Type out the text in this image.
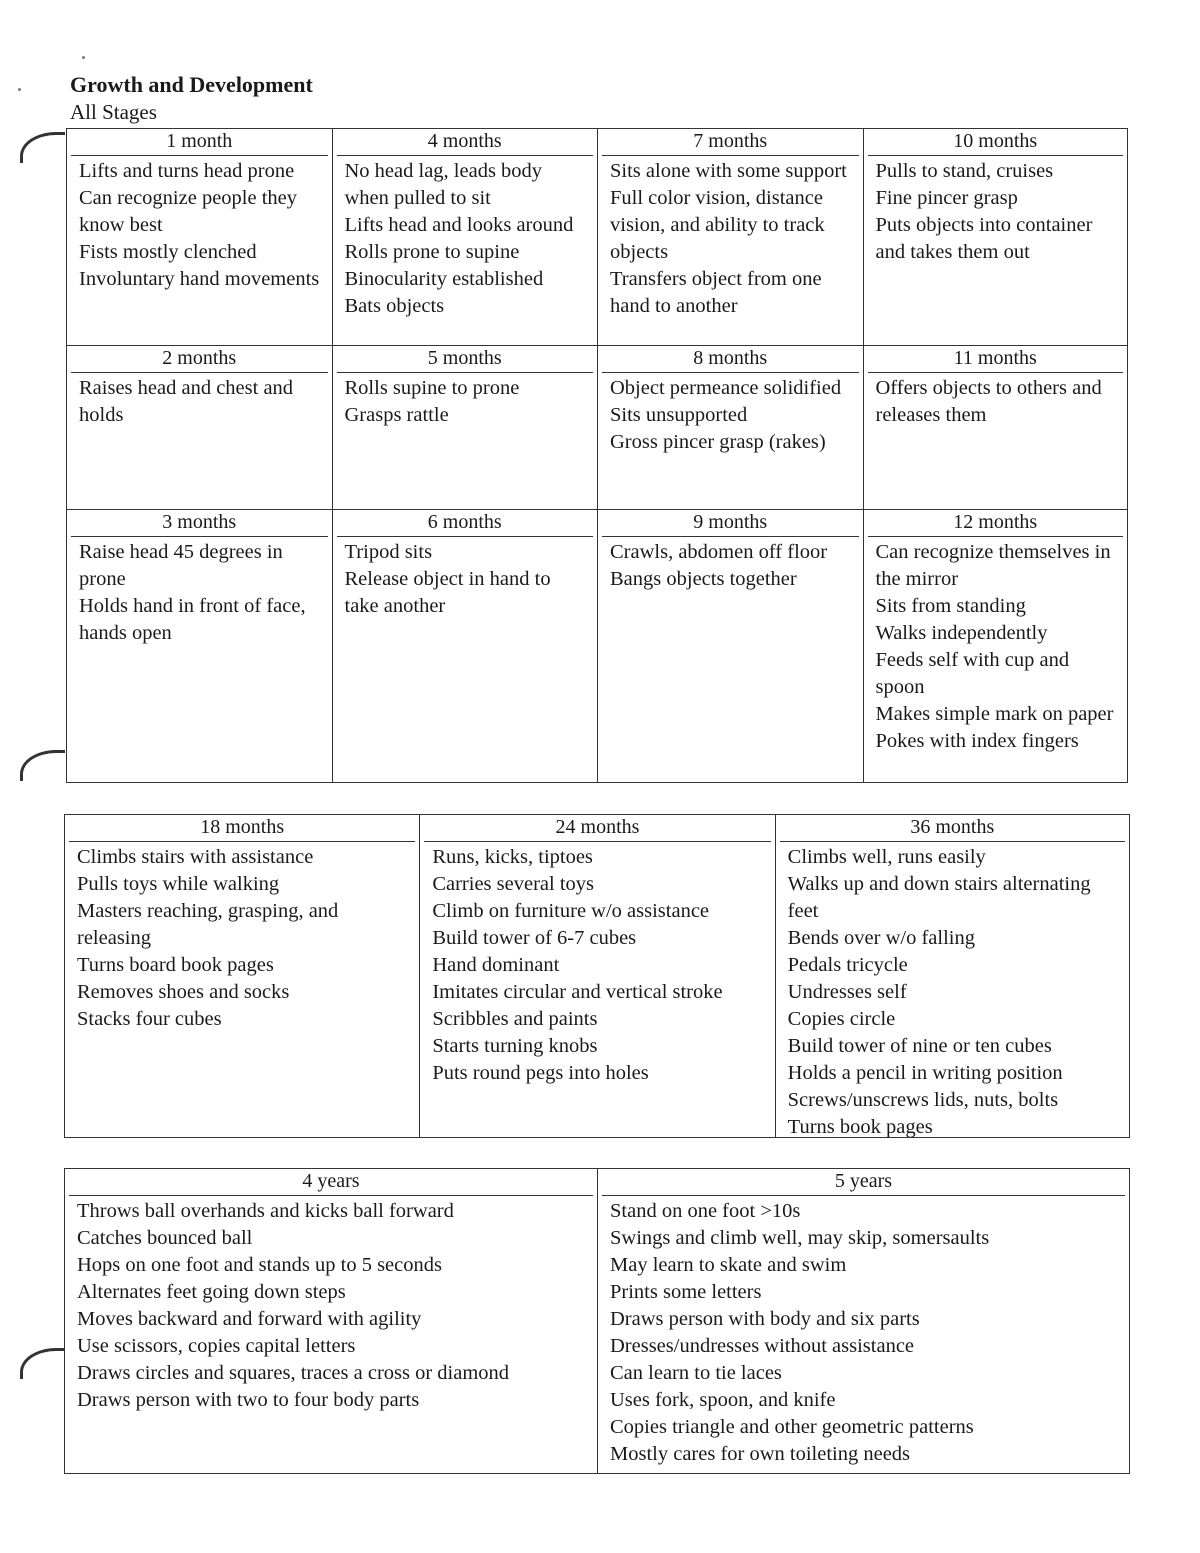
Growth and Development
All Stages
1 month
Lifts and turns head prone
Can recognize people they know best
Fists mostly clenched
Involuntary hand movements
4 months
No head lag, leads body when pulled to sit
Lifts head and looks around
Rolls prone to supine
Binocularity established
Bats objects
7 months
Sits alone with some support
Full color vision, distance vision, and ability to track objects
Transfers object from one hand to another
10 months
Pulls to stand, cruises
Fine pincer grasp
Puts objects into container and takes them out
2 months
Raises head and chest and holds
5 months
Rolls supine to prone
Grasps rattle
8 months
Object permeance solidified
Sits unsupported
Gross pincer grasp (rakes)
11 months
Offers objects to others and releases them
3 months
Raise head 45 degrees in prone
Holds hand in front of face, hands open
6 months
Tripod sits
Release object in hand to take another
9 months
Crawls, abdomen off floor
Bangs objects together
12 months
Can recognize themselves in the mirror
Sits from standing
Walks independently
Feeds self with cup and spoon
Makes simple mark on paper
Pokes with index fingers
18 months
Climbs stairs with assistance
Pulls toys while walking
Masters reaching, grasping, and releasing
Turns board book pages
Removes shoes and socks
Stacks four cubes
24 months
Runs, kicks, tiptoes
Carries several toys
Climb on furniture w/o assistance
Build tower of 6-7 cubes
Hand dominant
Imitates circular and vertical stroke
Scribbles and paints
Starts turning knobs
Puts round pegs into holes
36 months
Climbs well, runs easily
Walks up and down stairs alternating feet
Bends over w/o falling
Pedals tricycle
Undresses self
Copies circle
Build tower of nine or ten cubes
Holds a pencil in writing position
Screws/unscrews lids, nuts, bolts
Turns book pages
4 years
Throws ball overhands and kicks ball forward
Catches bounced ball
Hops on one foot and stands up to 5 seconds
Alternates feet going down steps
Moves backward and forward with agility
Use scissors, copies capital letters
Draws circles and squares, traces a cross or diamond
Draws person with two to four body parts
5 years
Stand on one foot >10s
Swings and climb well, may skip, somersaults
May learn to skate and swim
Prints some letters
Draws person with body and six parts
Dresses/undresses without assistance
Can learn to tie laces
Uses fork, spoon, and knife
Copies triangle and other geometric patterns
Mostly cares for own toileting needs
